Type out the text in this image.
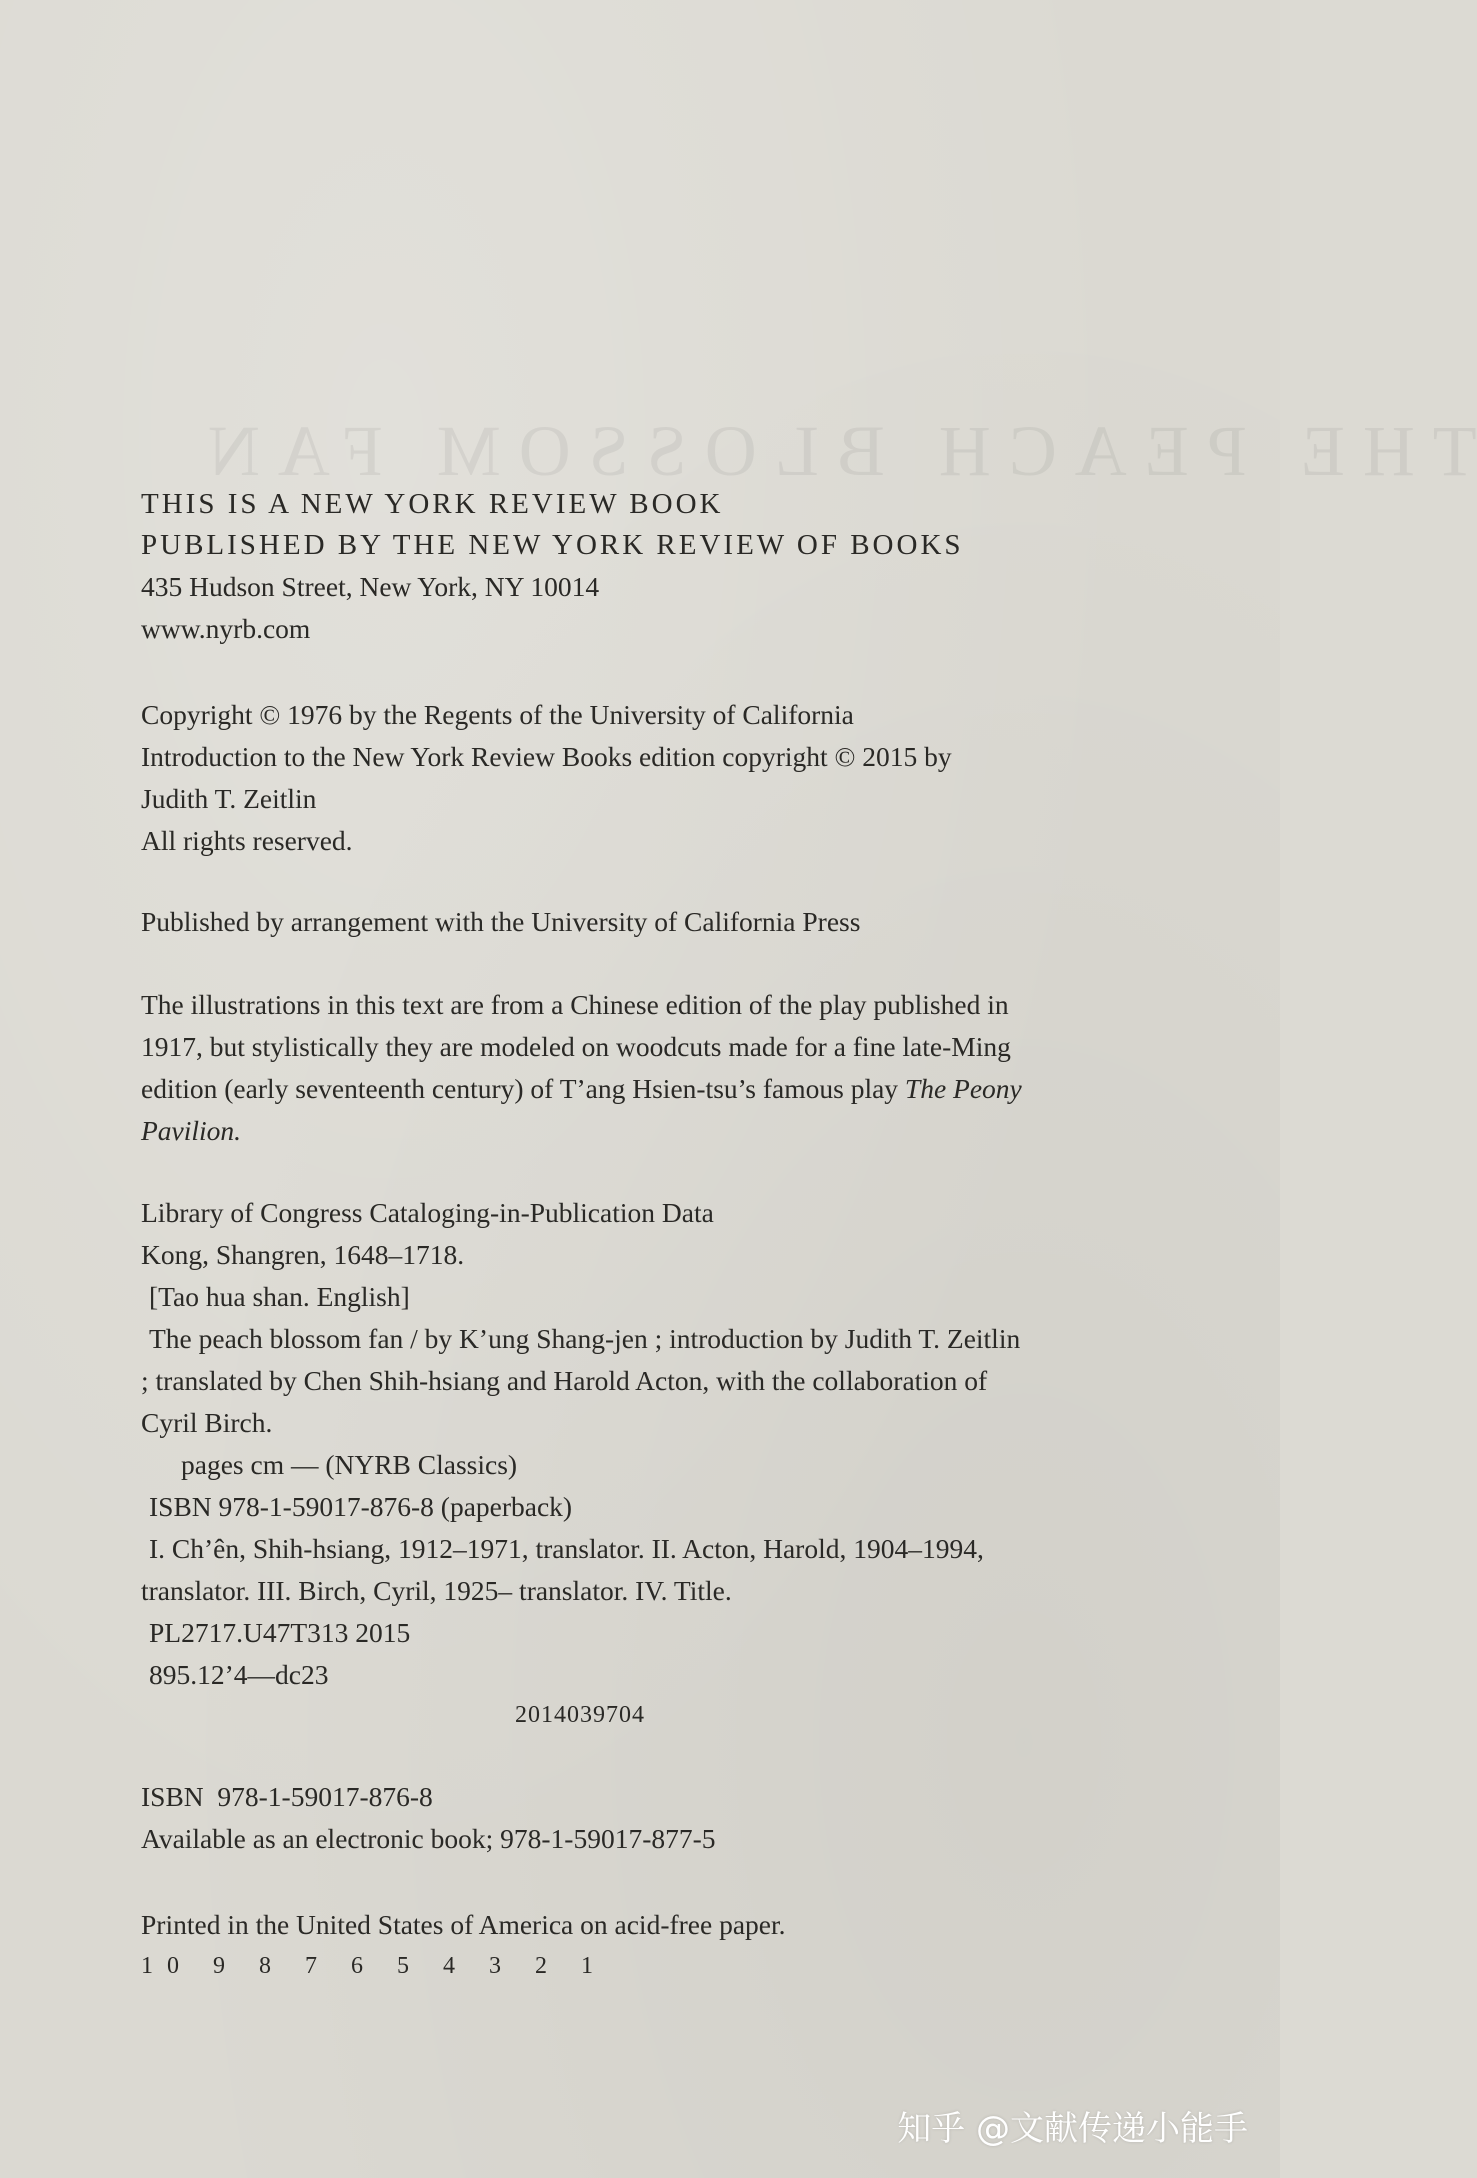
THE PEACH BLOSSOM FAN
THIS IS A NEW YORK REVIEW BOOK
PUBLISHED BY THE NEW YORK REVIEW OF BOOKS
435 Hudson Street, New York, NY 10014
www.nyrb.com
Copyright © 1976 by the Regents of the University of California
Introduction to the New York Review Books edition copyright © 2015 by
Judith T. Zeitlin
All rights reserved.
Published by arrangement with the University of California Press
The illustrations in this text are from a Chinese edition of the play published in
1917, but stylistically they are modeled on woodcuts made for a fine late-Ming
edition (early seventeenth century) of T’ang Hsien-tsu’s famous play The Peony
Pavilion.
Library of Congress Cataloging-in-Publication Data
Kong, Shangren, 1648–1718.
[Tao hua shan. English]
The peach blossom fan / by K’ung Shang-jen ; introduction by Judith T. Zeitlin
; translated by Chen Shih-hsiang and Harold Acton, with the collaboration of
Cyril Birch.
pages cm — (NYRB Classics)
ISBN 978-1-59017-876-8 (paperback)
I. Ch’ên, Shih-hsiang, 1912–1971, translator. II. Acton, Harold, 1904–1994,
translator. III. Birch, Cyril, 1925– translator. IV. Title.
PL2717.U47T313 2015
895.12’4—dc23
2014039704
ISBN  978-1-59017-876-8
Available as an electronic book; 978-1-59017-877-5
Printed in the United States of America on acid-free paper.
10 9 8 7 6 5 4 3 2 1
知乎 @文献传递小能手
